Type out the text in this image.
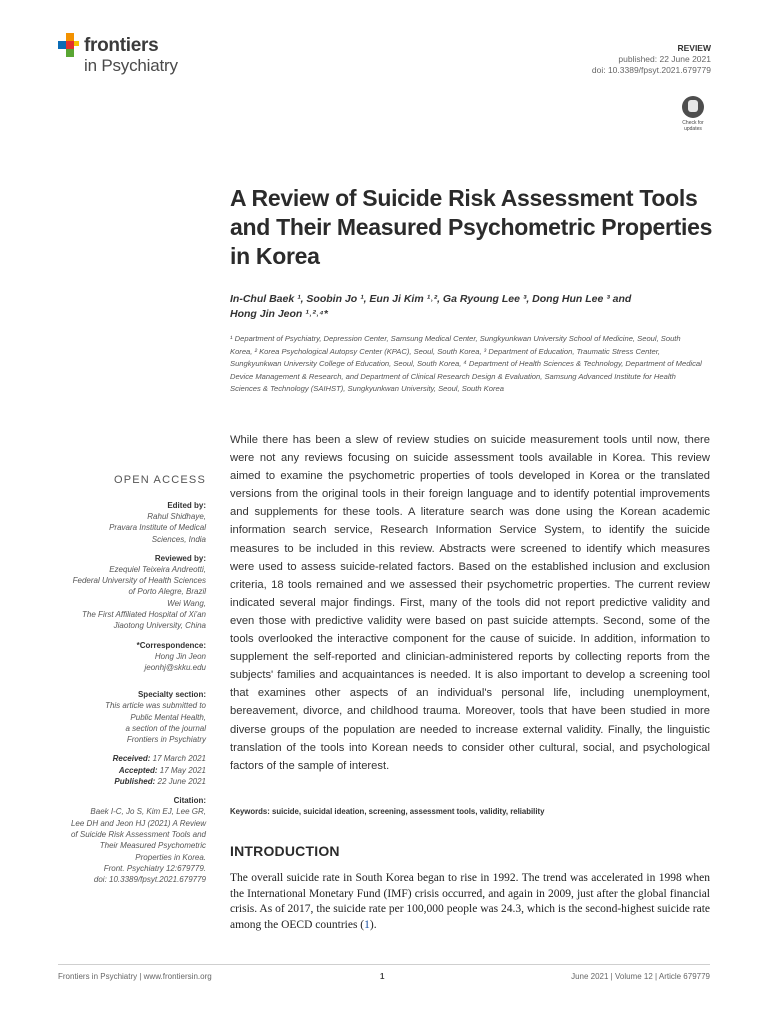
frontiers
in Psychiatry
REVIEW
published: 22 June 2021
doi: 10.3389/fpsyt.2021.679779
Check for
updates
A Review of Suicide Risk Assessment Tools and Their Measured Psychometric Properties in Korea
In-Chul Baek ¹, Soobin Jo ¹, Eun Ji Kim ¹˒², Ga Ryoung Lee ³, Dong Hun Lee ³ and
Hong Jin Jeon ¹˒²˒⁴*
¹ Department of Psychiatry, Depression Center, Samsung Medical Center, Sungkyunkwan University School of Medicine, Seoul, South Korea, ² Korea Psychological Autopsy Center (KPAC), Seoul, South Korea, ³ Department of Education, Traumatic Stress Center, Sungkyunkwan University College of Education, Seoul, South Korea, ⁴ Department of Health Sciences & Technology, Department of Medical Device Management & Research, and Department of Clinical Research Design & Evaluation, Samsung Advanced Institute for Health Sciences & Technology (SAIHST), Sungkyunkwan University, Seoul, South Korea
OPEN ACCESS
Edited by:
Rahul Shidhaye,
Pravara Institute of Medical
Sciences, India
Reviewed by:
Ezequiel Teixeira Andreotti,
Federal University of Health Sciences
of Porto Alegre, Brazil
Wei Wang,
The First Affiliated Hospital of Xi'an
Jiaotong University, China
*Correspondence:
Hong Jin Jeon
jeonhj@skku.edu
Specialty section:
This article was submitted to
Public Mental Health,
a section of the journal
Frontiers in Psychiatry
Received: 17 March 2021
Accepted: 17 May 2021
Published: 22 June 2021
Citation:
Baek I-C, Jo S, Kim EJ, Lee GR,
Lee DH and Jeon HJ (2021) A Review
of Suicide Risk Assessment Tools and
Their Measured Psychometric
Properties in Korea.
Front. Psychiatry 12:679779.
doi: 10.3389/fpsyt.2021.679779

While there has been a slew of review studies on suicide measurement tools until now, there were not any reviews focusing on suicide assessment tools available in Korea. This review aimed to examine the psychometric properties of tools developed in Korea or the translated versions from the original tools in their foreign language and to identify potential improvements and supplements for these tools. A literature search was done using the Korean academic information search service, Research Information Service System, to identify the suicide measures to be included in this review. Abstracts were screened to identify which measures were used to assess suicide-related factors. Based on the established inclusion and exclusion criteria, 18 tools remained and we assessed their psychometric properties. The current review indicated several major findings. First, many of the tools did not report predictive validity and even those with predictive validity were based on past suicide attempts. Second, some of the tools overlooked the interactive component for the cause of suicide. In addition, information to supplement the self-reported and clinician-administered reports by collecting reports from the subjects' families and acquaintances is needed. It is also important to develop a screening tool that examines other aspects of an individual's personal life, including unemployment, bereavement, divorce, and childhood trauma. Moreover, tools that have been studied in more diverse groups of the population are needed to increase external validity. Finally, the linguistic translation of the tools into Korean needs to consider other cultural, social, and psychological factors of the sample of interest.

Keywords: suicide, suicidal ideation, screening, assessment tools, validity, reliability
INTRODUCTION

The overall suicide rate in South Korea began to rise in 1992. The trend was accelerated in 1998 when the International Monetary Fund (IMF) crisis occurred, and again in 2009, just after the global financial crisis. As of 2017, the suicide rate per 100,000 people was 24.3, which is the second-highest suicide rate among the OECD countries (1).

Frontiers in Psychiatry | www.frontiersin.org	1	June 2021 | Volume 12 | Article 679779
